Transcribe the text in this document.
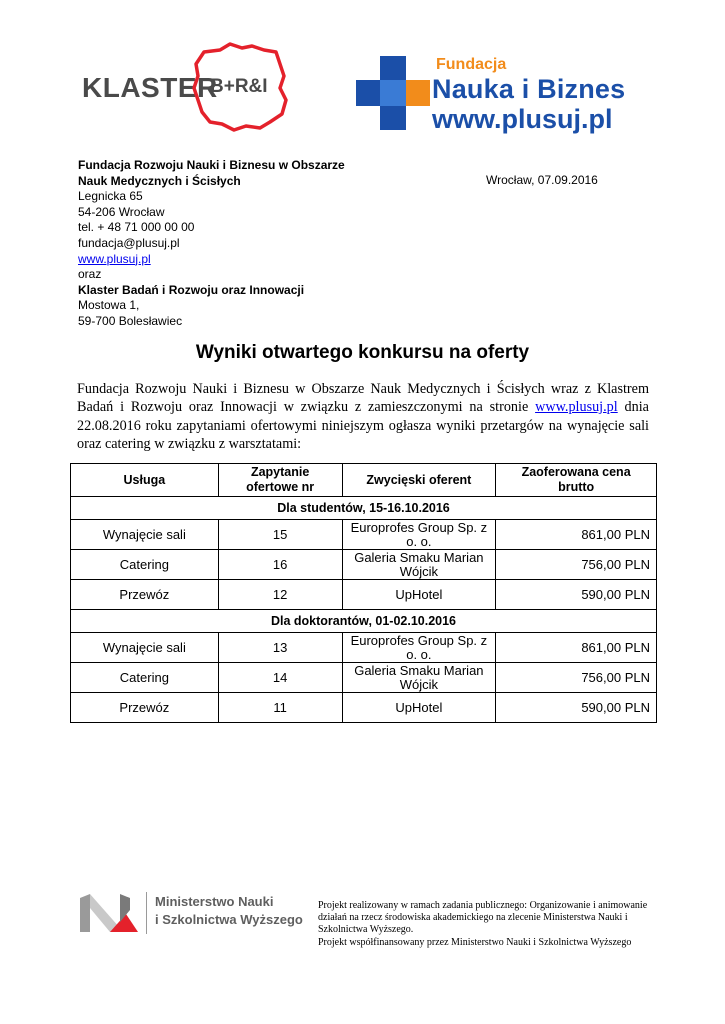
KLASTER
B+R&I
Fundacja
Nauka i Biznes
www.plusuj.pl
Fundacja Rozwoju Nauki i Biznesu w Obszarze
Nauk Medycznych i Ścisłych
Legnicka 65
54-206 Wrocław
tel. + 48 71 000 00 00
fundacja@plusuj.pl
www.plusuj.pl
oraz
Klaster Badań i Rozwoju oraz Innowacji
Mostowa 1,
59-700 Bolesławiec
Wrocław, 07.09.2016
Wyniki otwartego konkursu na oferty
Fundacja Rozwoju Nauki i Biznesu w Obszarze Nauk Medycznych i Ścisłych wraz z Klastrem Badań i Rozwoju oraz Innowacji w związku z zamieszczonymi na stronie www.plusuj.pl dnia 22.08.2016 roku zapytaniami ofertowymi niniejszym ogłasza wyniki przetargów na wynajęcie sali oraz catering w związku z warsztatami:
Usługa	Zapytanie ofertowe nr	Zwycięski oferent	Zaoferowana cena brutto
Dla studentów, 15-16.10.2016			
Wynajęcie sali	15	Europrofes Group Sp. z o. o.	861,00 PLN
Catering	16	Galeria Smaku Marian Wójcik	756,00 PLN
Przewóz	12	UpHotel	590,00 PLN
Dla doktorantów, 01-02.10.2016			
Wynajęcie sali	13	Europrofes Group Sp. z o. o.	861,00 PLN
Catering	14	Galeria Smaku Marian Wójcik	756,00 PLN
Przewóz	11	UpHotel	590,00 PLN
Ministerstwo Nauki
i Szkolnictwa Wyższego
Projekt realizowany w ramach zadania publicznego: Organizowanie i animowanie działań na rzecz środowiska akademickiego na zlecenie Ministerstwa Nauki i Szkolnictwa Wyższego.
Projekt współfinansowany przez Ministerstwo Nauki i Szkolnictwa Wyższego
